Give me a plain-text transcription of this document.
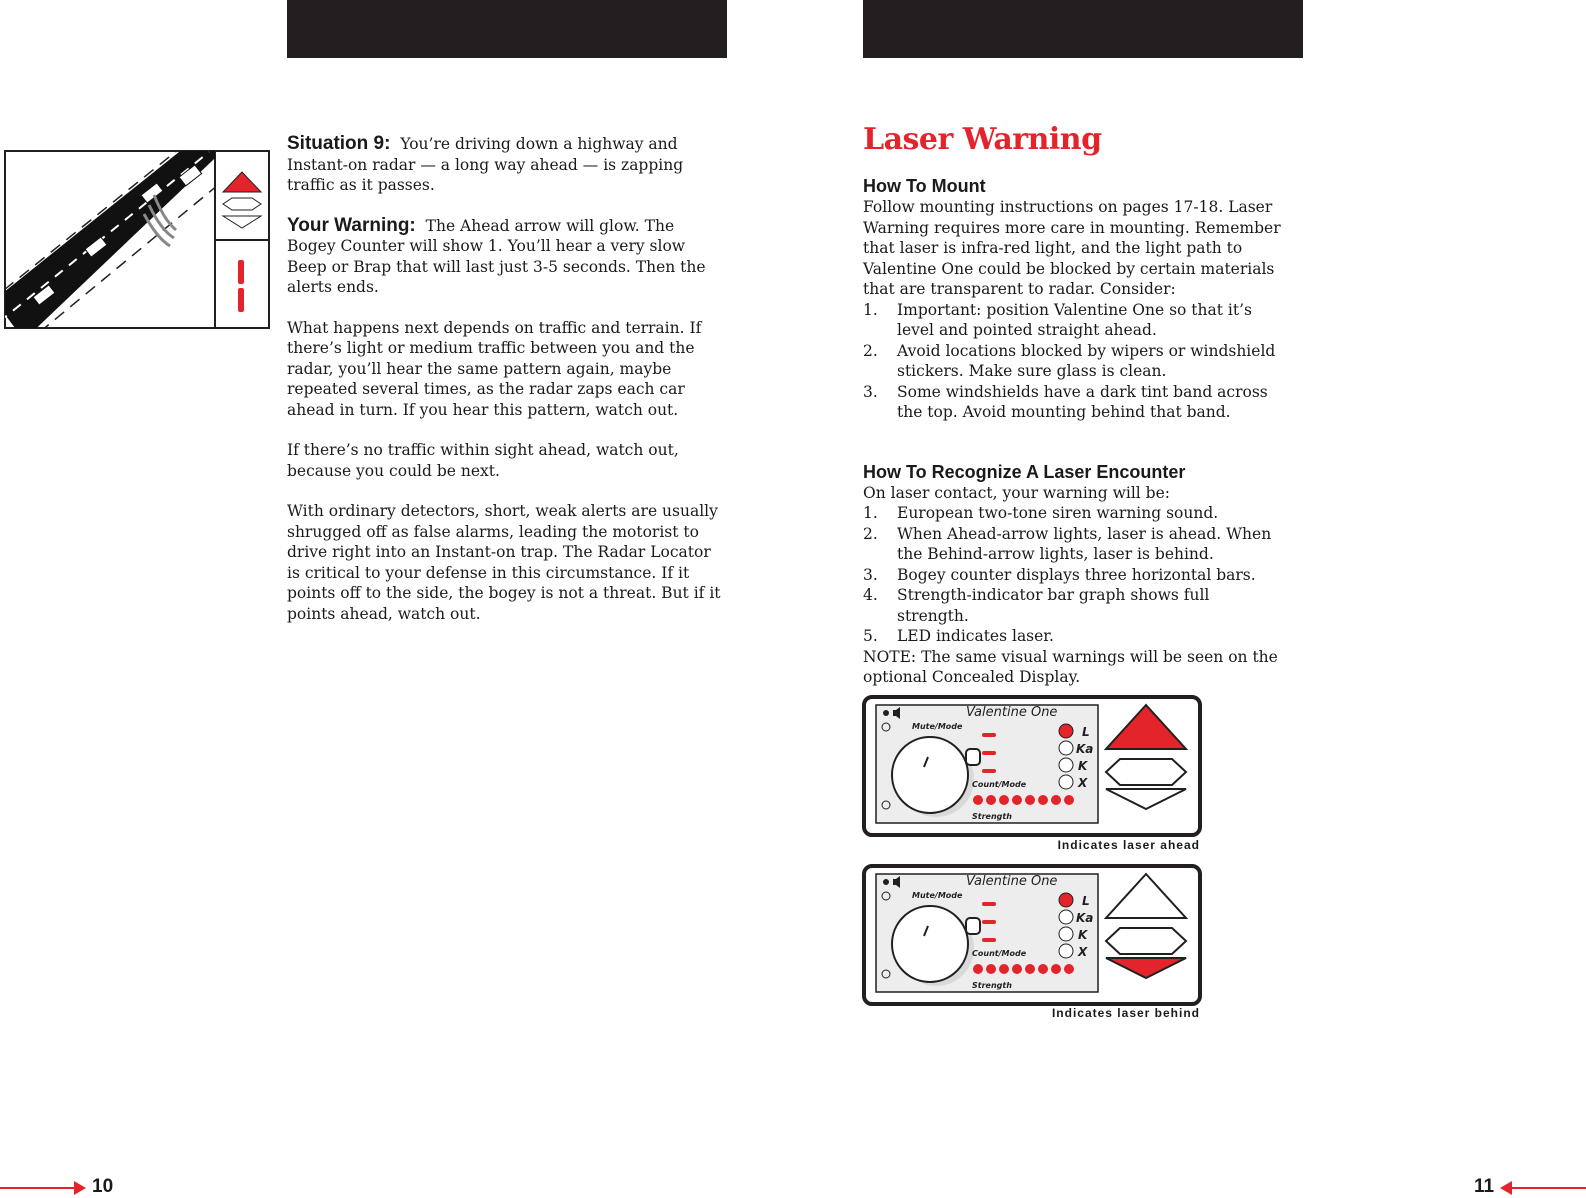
Situation 9: You’re driving down a highway and Instant-on radar — a long way ahead — is zapping traffic as it passes.

Your Warning: The Ahead arrow will glow. The Bogey Counter will show 1. You’ll hear a very slow Beep or Brap that will last just 3-5 seconds. Then the alerts ends.

What happens next depends on traffic and terrain. If there’s light or medium traffic between you and the radar, you’ll hear the same pattern again, maybe repeated several times, as the radar zaps each car ahead in turn. If you hear this pattern, watch out.

If there’s no traffic within sight ahead, watch out, because you could be next.

With ordinary detectors, short, weak alerts are usually shrugged off as false alarms, leading the motorist to drive right into an Instant-on trap. The Radar Locator is critical to your defense in this circumstance. If it points off to the side, the bogey is not a threat. But if it points ahead, watch out.

Laser Warning
How To Mount

Follow mounting instructions on pages 17-18. Laser Warning requires more care in mounting. Remember that laser is infra-red light, and the light path to Valentine One could be blocked by certain materials that are transparent to radar. Consider:

1.	Important: position Valentine One so that it’s level and pointed straight ahead.
2.	Avoid locations blocked by wipers or windshield stickers. Make sure glass is clean.
3.	Some windshields have a dark tint band across the top. Avoid mounting behind that band.
How To Recognize A Laser Encounter

On laser contact, your warning will be:

1.	European two-tone siren warning sound.
2.	When Ahead-arrow lights, laser is ahead. When the Behind-arrow lights, laser is behind.
3.	Bogey counter displays three horizontal bars.
4.	Strength-indicator bar graph shows full strength.
5.	LED indicates laser.

NOTE: The same visual warnings will be seen on the optional Concealed Display.

Valentine One
Mute/Mode
Count/Mode
Strength
L
Ka
K
X
Indicates laser ahead
Valentine One
Mute/Mode
Count/Mode
Strength
L
Ka
K
X
Indicates laser behind
10	11
